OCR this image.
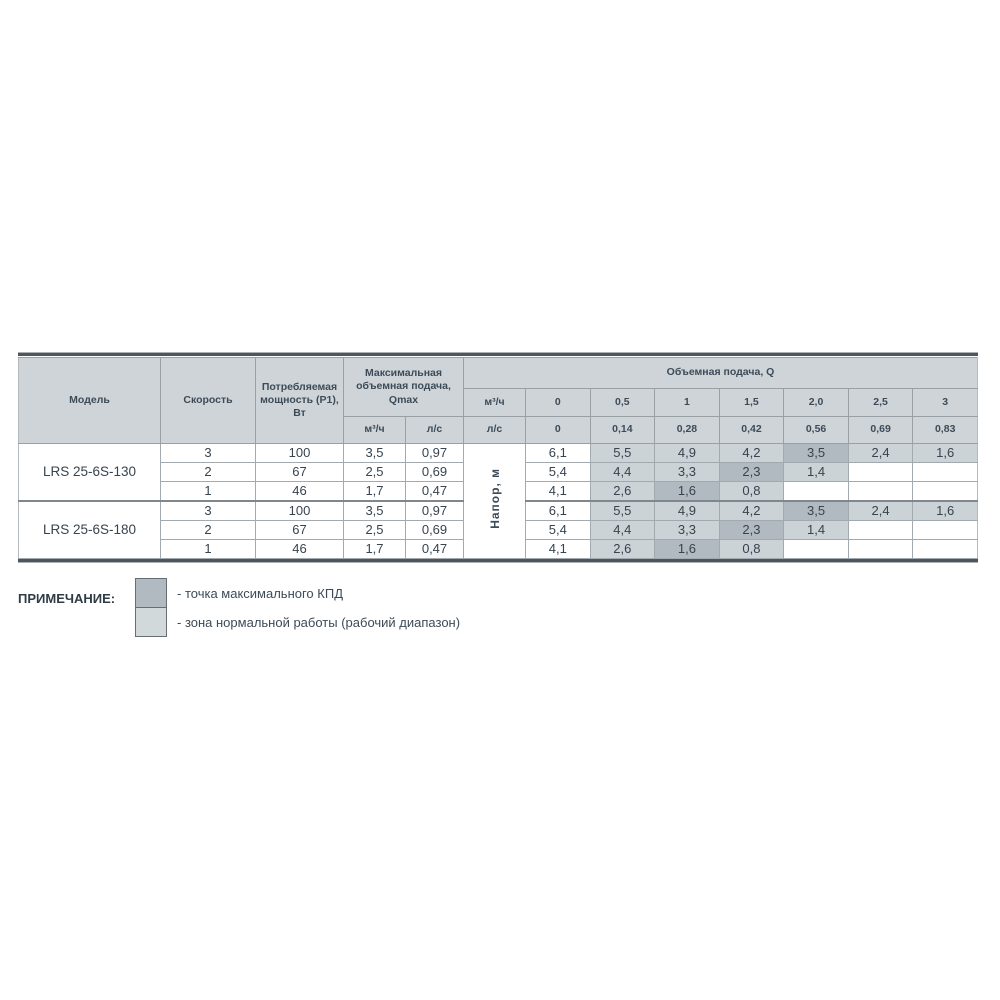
Модель	Скорость	Потребляемая мощность (P1), Вт	Максимальная объемная подача, Qmax		Объемная подача, Q							
					м³/ч	0	0,5	1	1,5	2,0	2,5	3
			м³/ч	л/с	л/с	0	0,14	0,28	0,42	0,56	0,69	0,83
LRS 25-6S-130	3	100	3,5	0,97	Напор, м	6,1	5,5	4,9	4,2	3,5	2,4	1,6
	2	67	2,5	0,69		5,4	4,4	3,3	2,3	1,4		
	1	46	1,7	0,47		4,1	2,6	1,6	0,8			
LRS 25-6S-180	3	100	3,5	0,97		6,1	5,5	4,9	4,2	3,5	2,4	1,6
	2	67	2,5	0,69		5,4	4,4	3,3	2,3	1,4		
	1	46	1,7	0,47		4,1	2,6	1,6	0,8			
ПРИМЕЧАНИЕ:	- точка максимального КПД
- зона нормальной работы (рабочий диапазон)
